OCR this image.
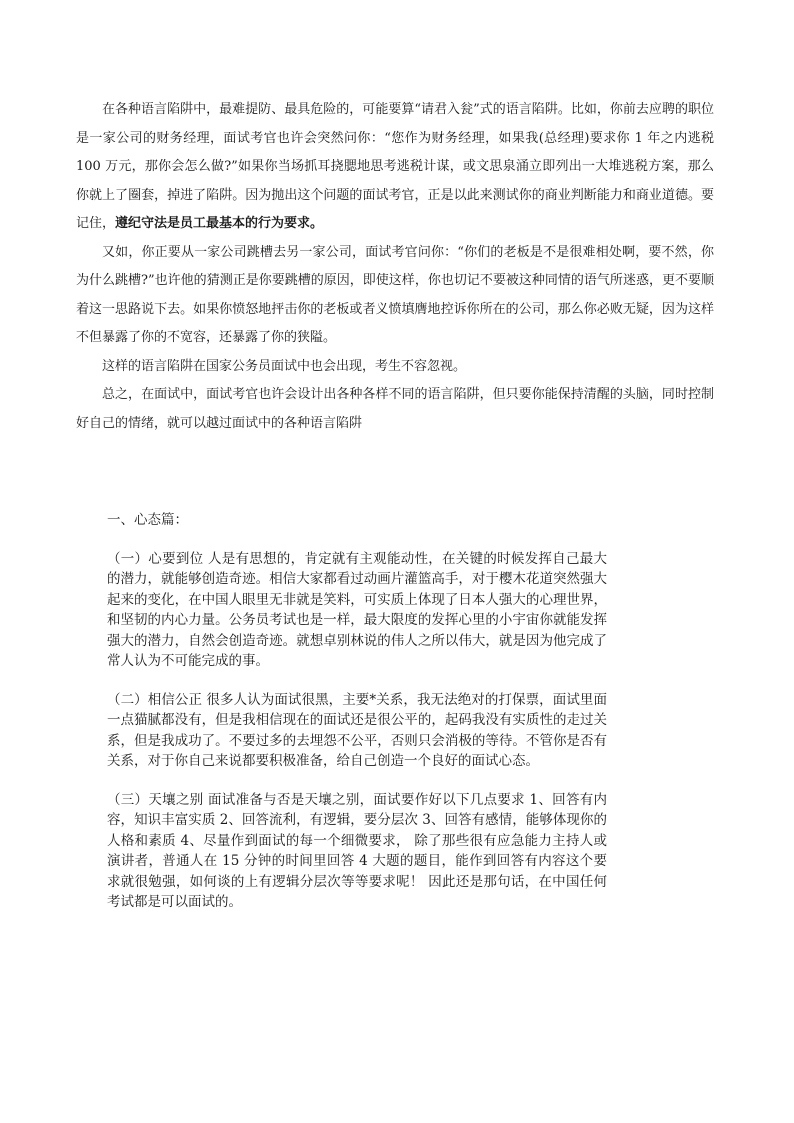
在各种语言陷阱中，最难提防、最具危险的，可能要算“请君入瓮”式的语言陷阱。比如，你前去应聘的职位是一家公司的财务经理，面试考官也许会突然问你：“您作为财务经理，如果我(总经理)要求你 1 年之内逃税 100 万元，那你会怎么做?”如果你当场抓耳挠腮地思考逃税计谋，或文思泉涌立即列出一大堆逃税方案，那么你就上了圈套，掉进了陷阱。因为抛出这个问题的面试考官，正是以此来测试你的商业判断能力和商业道德。要记住，遵纪守法是员工最基本的行为要求。

又如，你正要从一家公司跳槽去另一家公司，面试考官问你：“你们的老板是不是很难相处啊，要不然，你为什么跳槽?”也许他的猜测正是你要跳槽的原因，即使这样，你也切记不要被这种同情的语气所迷惑，更不要顺着这一思路说下去。如果你愤怒地抨击你的老板或者义愤填膺地控诉你所在的公司，那么你必败无疑，因为这样不但暴露了你的不宽容，还暴露了你的狭隘。

这样的语言陷阱在国家公务员面试中也会出现，考生不容忽视。

总之，在面试中，面试考官也许会设计出各种各样不同的语言陷阱，但只要你能保持清醒的头脑，同时控制好自己的情绪，就可以越过面试中的各种语言陷阱

一、心态篇：

（一）心要到位 人是有思想的，肯定就有主观能动性，在关键的时候发挥自己最大的潜力，就能够创造奇迹。相信大家都看过动画片灌篮高手，对于樱木花道突然强大起来的变化，在中国人眼里无非就是笑料，可实质上体现了日本人强大的心理世界，和坚韧的内心力量。公务员考试也是一样，最大限度的发挥心里的小宇宙你就能发挥强大的潜力，自然会创造奇迹。就想卓别林说的伟人之所以伟大，就是因为他完成了常人认为不可能完成的事。

（二）相信公正 很多人认为面试很黑，主要*关系，我无法绝对的打保票，面试里面一点猫腻都没有，但是我相信现在的面试还是很公平的，起码我没有实质性的走过关系，但是我成功了。不要过多的去埋怨不公平，否则只会消极的等待。不管你是否有关系，对于你自己来说都要积极准备，给自己创造一个良好的面试心态。

（三）天壤之别 面试准备与否是天壤之别，面试要作好以下几点要求 1、回答有内容，知识丰富实质 2、回答流利，有逻辑，要分层次 3、回答有感情，能够体现你的人格和素质 4、尽量作到面试的每一个细微要求， 除了那些很有应急能力主持人或演讲者，普通人在 15 分钟的时间里回答 4 大题的题目，能作到回答有内容这个要求就很勉强，如何谈的上有逻辑分层次等等要求呢！ 因此还是那句话，在中国任何考试都是可以面试的。
